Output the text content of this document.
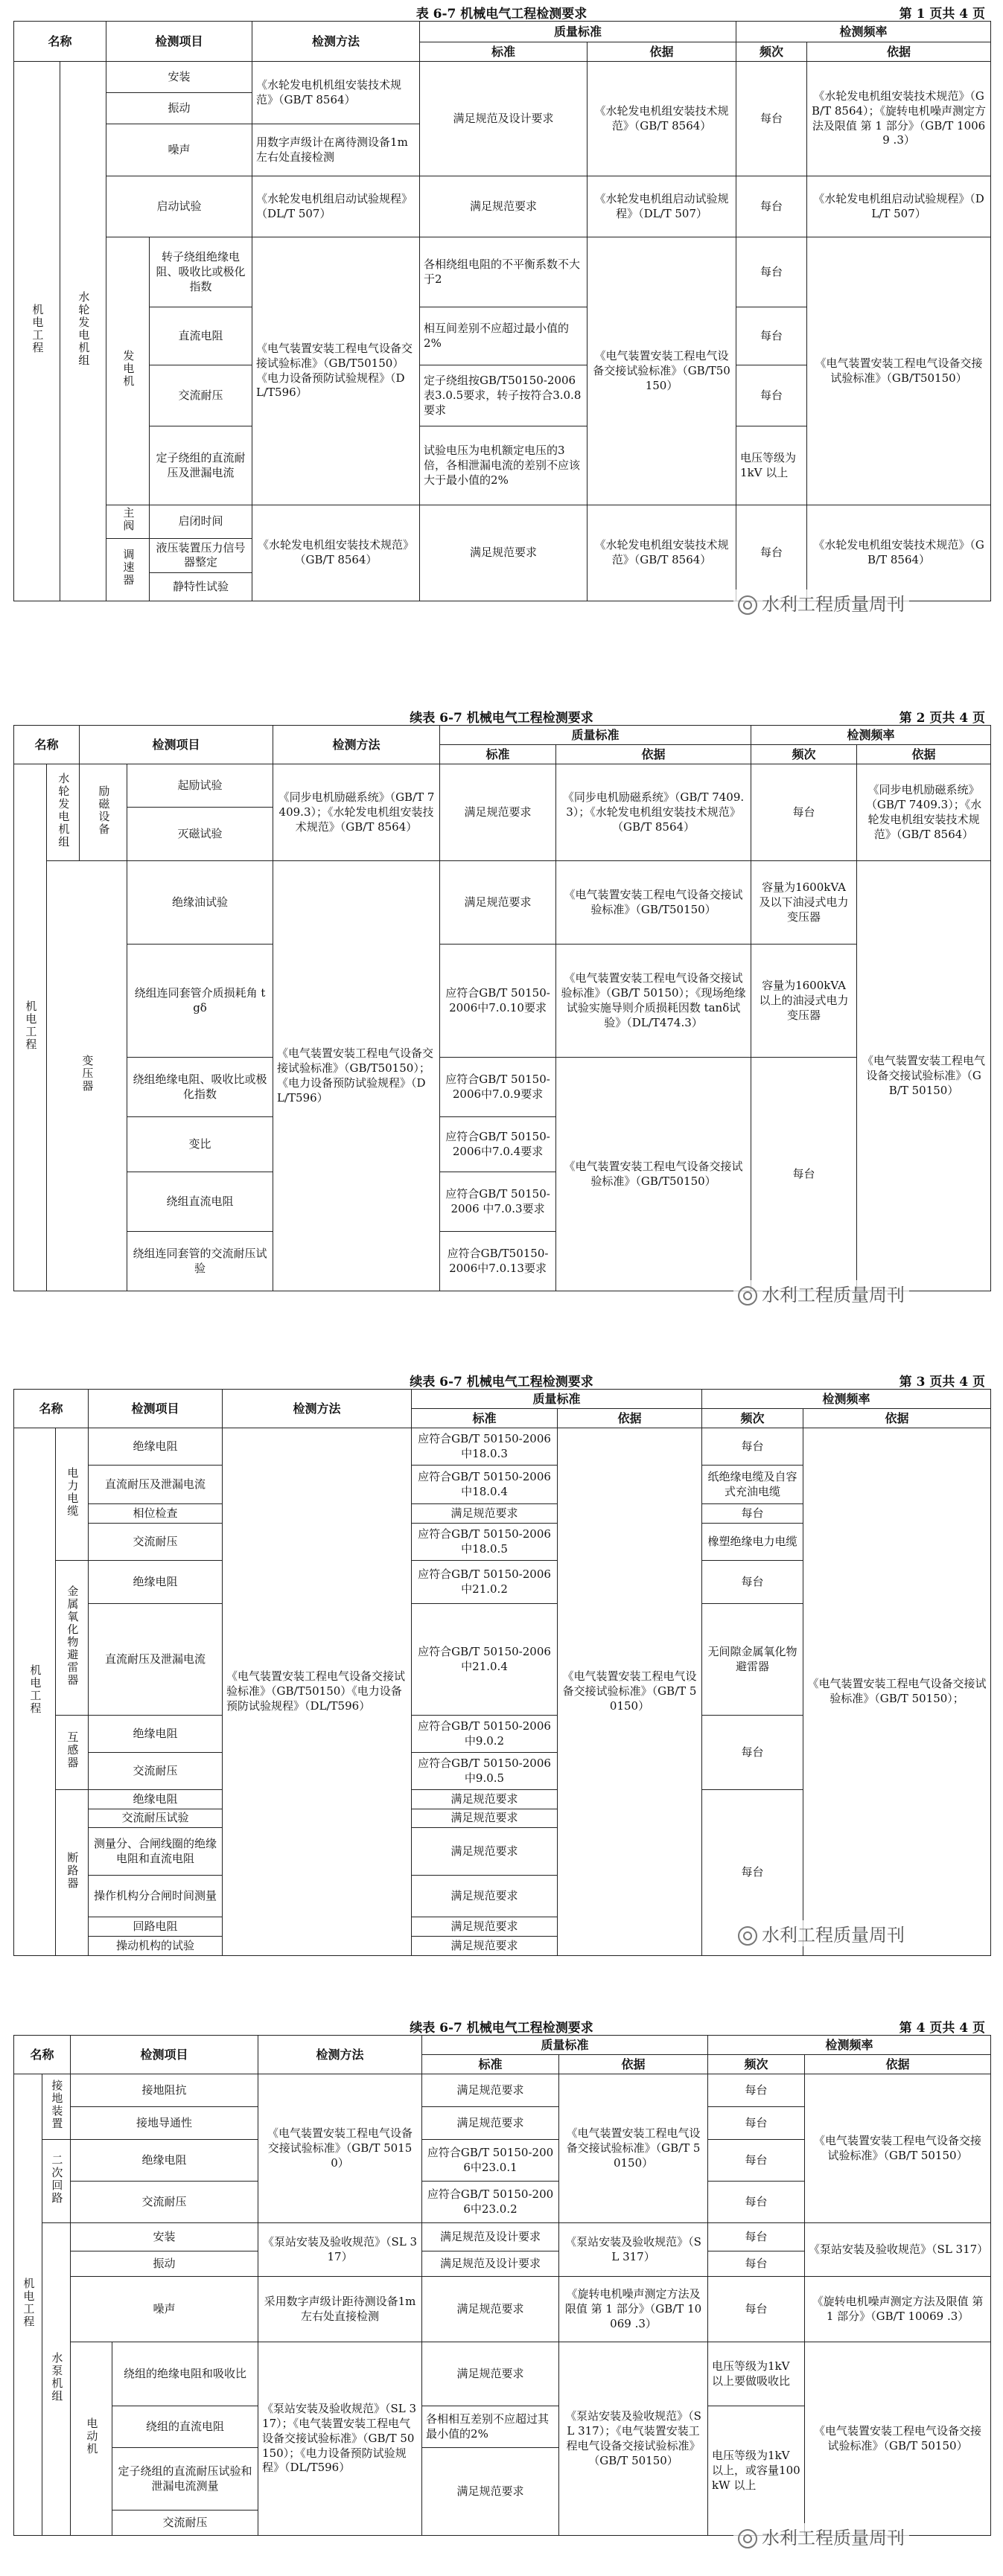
表 6-7 机械电气工程检测要求	第 1 页共 4 页
名称		检测项目		检测方法	质量标准		检测频率	
					标准	依据	频次	依据
机电工程	水轮发电机组	安装		《水轮发电机机组安装技术规范》（GB/T 8564）	满足规范及设计要求	《水轮发电机组安装技术规范》（GB/T 8564）	每台	《水轮发电机组安装技术规范》（GB/T 8564）；《旋转电机噪声测定方法及限值 第 1 部分》（GB/T 10069 .3）
		振动						
		噪声		用数字声级计在离待测设备1m左右处直接检测				
		启动试验		《水轮发电机组启动试验规程》（DL/T 507）	满足规范要求	《水轮发电机组启动试验规程》（DL/T 507）	每台	《水轮发电机组启动试验规程》（DL/T 507）
		发电机	转子绕组绝缘电阻、吸收比或极化指数	《电气装置安装工程电气设备交接试验标准》（GB/T50150）《电力设备预防试验规程》（DL/T596）	各相绕组电阻的不平衡系数不大于2	《电气装置安装工程电气设备交接试验标准》（GB/T50150）	每台	《电气装置安装工程电气设备交接试验标准》（GB/T50150）
			直流电阻		相互间差别不应超过最小值的2%		每台	
			交流耐压		定子绕组按GB/T50150-2006 表3.0.5要求，转子按符合3.0.8要求		每台	
			定子绕组的直流耐压及泄漏电流		试验电压为电机额定电压的3倍，各相泄漏电流的差别不应该大于最小值的2%		电压等级为1kV 以上	
		主阀	启闭时间	《水轮发电机组安装技术规范》（GB/T 8564）	满足规范要求	《水轮发电机组安装技术规范》（GB/T 8564）	每台	《水轮发电机组安装技术规范》（GB/T 8564）
		调速器	液压装置压力信号器整定					
			静特性试验					
水利工程质量周刊
续表 6-7 机械电气工程检测要求	第 2 页共 4 页
名称		检测项目		检测方法	质量标准		检测频率	
					标准	依据	频次	依据
机电工程	水轮发电机组	励磁设备	起励试验	《同步电机励磁系统》（GB/T 7409.3）；《水轮发电机组安装技术规范》（GB/T 8564）	满足规范要求	《同步电机励磁系统》（GB/T 7409.3）；《水轮发电机组安装技术规范》（GB/T 8564）	每台	《同步电机励磁系统》（GB/T 7409.3）；《水轮发电机组安装技术规范》（GB/T 8564）
			灭磁试验					
	变压器		绝缘油试验	《电气装置安装工程电气设备交接试验标准》（GB/T50150）；《电力设备预防试验规程》（DL/T596）	满足规范要求	《电气装置安装工程电气设备交接试验标准》（GB/T50150）	容量为1600kVA 及以下油浸式电力变压器	《电气装置安装工程电气设备交接试验标准》（GB/T 50150）
			绕组连同套管介质损耗角 tgδ		应符合GB/T 50150-2006中7.0.10要求	《电气装置安装工程电气设备交接试验标准》（GB/T 50150）；《现场绝缘试验实施导则介质损耗因数 tanδ试验》（DL/T474.3）	容量为1600kVA 以上的油浸式电力变压器	
			绕组绝缘电阻、吸收比或极化指数		应符合GB/T 50150-2006中7.0.9要求	《电气装置安装工程电气设备交接试验标准》（GB/T50150）	每台	
			变比		应符合GB/T 50150-2006中7.0.4要求			
			绕组直流电阻		应符合GB/T 50150-2006 中7.0.3要求			
			绕组连同套管的交流耐压试验		应符合GB/T50150-2006中7.0.13要求			
水利工程质量周刊
续表 6-7 机械电气工程检测要求	第 3 页共 4 页
名称		检测项目	检测方法	质量标准		检测频率	
				标准	依据	频次	依据
机电工程	电力电缆	绝缘电阻	《电气装置安装工程电气设备交接试验标准》（GB/T50150）《电力设备预防试验规程》（DL/T596）	应符合GB/T 50150-2006中18.0.3	《电气装置安装工程电气设备交接试验标准》（GB/T 50150）	每台	《电气装置安装工程电气设备交接试验标准》（GB/T 50150）；
		直流耐压及泄漏电流		应符合GB/T 50150-2006中18.0.4		纸绝缘电缆及自容式充油电缆	
		相位检查		满足规范要求		每台	
		交流耐压		应符合GB/T 50150-2006中18.0.5		橡塑绝缘电力电缆	
	金属氧化物避雷器	绝缘电阻		应符合GB/T 50150-2006中21.0.2		每台	
		直流耐压及泄漏电流		应符合GB/T 50150-2006中21.0.4		无间隙金属氧化物避雷器	
	互感器	绝缘电阻		应符合GB/T 50150-2006中9.0.2		每台	
		交流耐压		应符合GB/T 50150-2006 中9.0.5			
	断路器	绝缘电阻		满足规范要求		每台	
		交流耐压试验		满足规范要求			
		测量分、合闸线圈的绝缘电阻和直流电阻		满足规范要求			
		操作机构分合闸时间测量		满足规范要求			
		回路电阻		满足规范要求			
		操动机构的试验		满足规范要求				水利工程质量周刊
续表 6-7 机械电气工程检测要求	第 4 页共 4 页
名称		检测项目		检测方法	质量标准		检测频率	
					标准	依据	频次	依据
机电工程	接地装置	接地阻抗		《电气装置安装工程电气设备交接试验标准》（GB/T 50150）	满足规范要求	《电气装置安装工程电气设备交接试验标准》（GB/T 50150）	每台	《电气装置安装工程电气设备交接试验标准》（GB/T 50150）
		接地导通性			满足规范要求		每台	
	二次回路	绝缘电阻			应符合GB/T 50150-2006中23.0.1		每台	
		交流耐压			应符合GB/T 50150-2006中23.0.2		每台	
	水泵机组	安装		《泵站安装及验收规范》（SL 317）	满足规范及设计要求	《泵站安装及验收规范》（SL 317）	每台	《泵站安装及验收规范》（SL 317）
		振动			满足规范及设计要求		每台	
		噪声		采用数字声级计距待测设备1m左右处直接检测	满足规范要求	《旋转电机噪声测定方法及限值 第 1 部分》（GB/T 10069 .3）	每台	《旋转电机噪声测定方法及限值 第 1 部分》（GB/T 10069 .3）
		电动机	绕组的绝缘电阻和吸收比	《泵站安装及验收规范》（SL 317）；《电气装置安装工程电气设备交接试验标准》（GB/T 50150）；《电力设备预防试验规程》（DL/T596）	满足规范要求	《泵站安装及验收规范》（SL 317）；《电气装置安装工程电气设备交接试验标准》（GB/T 50150）	电压等级为1kV 以上要做吸收比	《电气装置安装工程电气设备交接试验标准》（GB/T 50150）
			绕组的直流电阻		各相相互差别不应超过其最小值的2%		电压等级为1kV 以上，或容量100kW 以上	
			定子绕组的直流耐压试验和泄漏电流测量		满足规范要求			
			交流耐压					
水利工程质量周刊
